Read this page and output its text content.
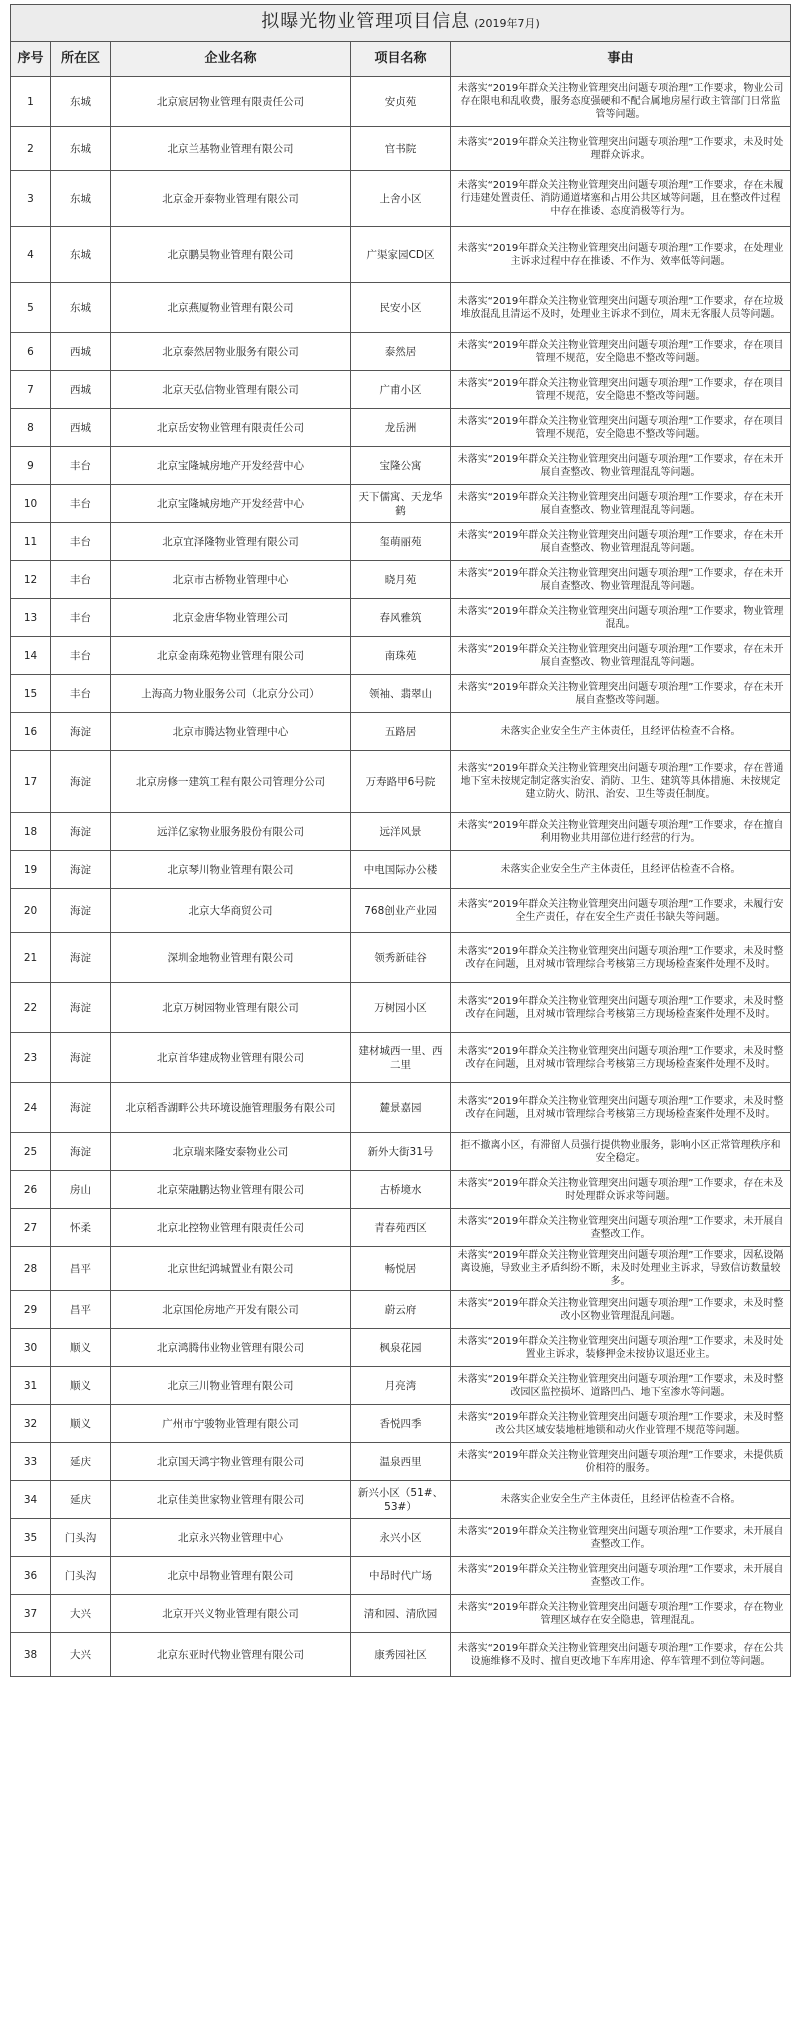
拟曝光物业管理项目信息 (2019年7月)				
序号	所在区	企业名称	项目名称	事由
1	东城	北京宸居物业管理有限责任公司	安贞苑	未落实“2019年群众关注物业管理突出问题专项治理”工作要求，物业公司存在限电和乱收费，服务态度强硬和不配合属地房屋行政主管部门日常监管等问题。
2	东城	北京兰基物业管理有限公司	官书院	未落实“2019年群众关注物业管理突出问题专项治理”工作要求，未及时处理群众诉求。
3	东城	北京金开泰物业管理有限公司	上舍小区	未落实“2019年群众关注物业管理突出问题专项治理”工作要求，存在未履行违建处置责任、消防通道堵塞和占用公共区域等问题，且在整改件过程中存在推诿、态度消极等行为。
4	东城	北京鹏昊物业管理有限公司	广渠家园CD区	未落实“2019年群众关注物业管理突出问题专项治理”工作要求，在处理业主诉求过程中存在推诿、不作为、效率低等问题。
5	东城	北京燕厦物业管理有限公司	民安小区	未落实“2019年群众关注物业管理突出问题专项治理”工作要求，存在垃圾堆放混乱且清运不及时，处理业主诉求不到位，周末无客服人员等问题。
6	西城	北京泰然居物业服务有限公司	泰然居	未落实“2019年群众关注物业管理突出问题专项治理”工作要求，存在项目管理不规范，安全隐患不整改等问题。
7	西城	北京天弘信物业管理有限公司	广甫小区	未落实“2019年群众关注物业管理突出问题专项治理”工作要求，存在项目管理不规范，安全隐患不整改等问题。
8	西城	北京岳安物业管理有限责任公司	龙岳洲	未落实“2019年群众关注物业管理突出问题专项治理”工作要求，存在项目管理不规范，安全隐患不整改等问题。
9	丰台	北京宝隆城房地产开发经营中心	宝隆公寓	未落实“2019年群众关注物业管理突出问题专项治理”工作要求，存在未开展自查整改、物业管理混乱等问题。
10	丰台	北京宝隆城房地产开发经营中心	天下儒寓、天龙华鹤	未落实“2019年群众关注物业管理突出问题专项治理”工作要求，存在未开展自查整改、物业管理混乱等问题。
11	丰台	北京宜泽隆物业管理有限公司	玺萌丽苑	未落实“2019年群众关注物业管理突出问题专项治理”工作要求，存在未开展自查整改、物业管理混乱等问题。
12	丰台	北京市古桥物业管理中心	晓月苑	未落实“2019年群众关注物业管理突出问题专项治理”工作要求，存在未开展自查整改、物业管理混乱等问题。
13	丰台	北京金唐华物业管理公司	春风雅筑	未落实“2019年群众关注物业管理突出问题专项治理”工作要求，物业管理混乱。
14	丰台	北京金南珠苑物业管理有限公司	南珠苑	未落实“2019年群众关注物业管理突出问题专项治理”工作要求，存在未开展自查整改、物业管理混乱等问题。
15	丰台	上海高力物业服务公司（北京分公司）	领袖、翡翠山	未落实“2019年群众关注物业管理突出问题专项治理”工作要求，存在未开展自查整改等问题。
16	海淀	北京市腾达物业管理中心	五路居	未落实企业安全生产主体责任，且经评估检查不合格。
17	海淀	北京房修一建筑工程有限公司管理分公司	万寿路甲6号院	未落实“2019年群众关注物业管理突出问题专项治理”工作要求，存在普通地下室未按规定制定落实治安、消防、卫生、建筑等具体措施、未按规定建立防火、防汛、治安、卫生等责任制度。
18	海淀	远洋亿家物业服务股份有限公司	远洋风景	未落实“2019年群众关注物业管理突出问题专项治理”工作要求，存在擅自利用物业共用部位进行经营的行为。
19	海淀	北京琴川物业管理有限公司	中电国际办公楼	未落实企业安全生产主体责任，且经评估检查不合格。
20	海淀	北京大华商贸公司	768创业产业园	未落实“2019年群众关注物业管理突出问题专项治理”工作要求，未履行安全生产责任，存在安全生产责任书缺失等问题。
21	海淀	深圳金地物业管理有限公司	领秀新硅谷	未落实“2019年群众关注物业管理突出问题专项治理”工作要求，未及时整改存在问题，且对城市管理综合考核第三方现场检查案件处理不及时。
22	海淀	北京万树园物业管理有限公司	万树园小区	未落实“2019年群众关注物业管理突出问题专项治理”工作要求，未及时整改存在问题，且对城市管理综合考核第三方现场检查案件处理不及时。
23	海淀	北京首华建成物业管理有限公司	建材城西一里、西二里	未落实“2019年群众关注物业管理突出问题专项治理”工作要求，未及时整改存在问题，且对城市管理综合考核第三方现场检查案件处理不及时。
24	海淀	北京稻香湖畔公共环境设施管理服务有限公司	麓景嘉园	未落实“2019年群众关注物业管理突出问题专项治理”工作要求，未及时整改存在问题，且对城市管理综合考核第三方现场检查案件处理不及时。
25	海淀	北京瑞来隆安泰物业公司	新外大街31号	拒不撤离小区，有滞留人员强行提供物业服务，影响小区正常管理秩序和安全稳定。
26	房山	北京荣融鹏达物业管理有限公司	古桥境水	未落实“2019年群众关注物业管理突出问题专项治理”工作要求，存在未及时处理群众诉求等问题。
27	怀柔	北京北控物业管理有限责任公司	青春苑西区	未落实“2019年群众关注物业管理突出问题专项治理”工作要求，未开展自查整改工作。
28	昌平	北京世纪鸿城置业有限公司	畅悦居	未落实“2019年群众关注物业管理突出问题专项治理”工作要求，因私设隔离设施，导致业主矛盾纠纷不断，未及时处理业主诉求，导致信访数量较多。
29	昌平	北京国伦房地产开发有限公司	蔚云府	未落实“2019年群众关注物业管理突出问题专项治理”工作要求，未及时整改小区物业管理混乱问题。
30	顺义	北京鸿腾伟业物业管理有限公司	枫泉花园	未落实“2019年群众关注物业管理突出问题专项治理”工作要求，未及时处置业主诉求，装修押金未按协议退还业主。
31	顺义	北京三川物业管理有限公司	月亮湾	未落实“2019年群众关注物业管理突出问题专项治理”工作要求，未及时整改园区监控损坏、道路凹凸、地下室渗水等问题。
32	顺义	广州市宁骏物业管理有限公司	香悦四季	未落实“2019年群众关注物业管理突出问题专项治理”工作要求，未及时整改公共区域安装地桩地锁和动火作业管理不规范等问题。
33	延庆	北京国天鸿宇物业管理有限公司	温泉西里	未落实“2019年群众关注物业管理突出问题专项治理”工作要求，未提供质价相符的服务。
34	延庆	北京佳美世家物业管理有限公司	新兴小区（51#、53#）	未落实企业安全生产主体责任，且经评估检查不合格。
35	门头沟	北京永兴物业管理中心	永兴小区	未落实“2019年群众关注物业管理突出问题专项治理”工作要求，未开展自查整改工作。
36	门头沟	北京中昂物业管理有限公司	中昂时代广场	未落实“2019年群众关注物业管理突出问题专项治理”工作要求，未开展自查整改工作。
37	大兴	北京开兴义物业管理有限公司	清和园、清欣园	未落实“2019年群众关注物业管理突出问题专项治理”工作要求，存在物业管理区域存在安全隐患，管理混乱。
38	大兴	北京东亚时代物业管理有限公司	康秀园社区	未落实“2019年群众关注物业管理突出问题专项治理”工作要求，存在公共设施维修不及时、擅自更改地下车库用途、停车管理不到位等问题。
